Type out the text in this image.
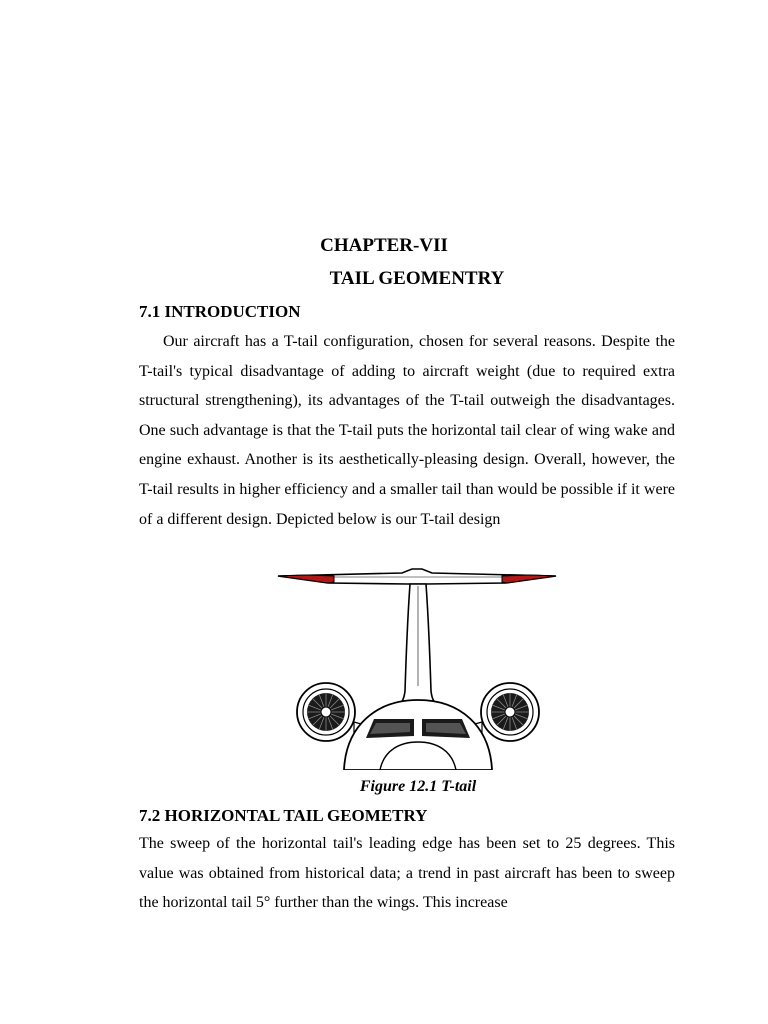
CHAPTER-VII
TAIL GEOMENTRY
7.1 INTRODUCTION
Our aircraft has a T-tail configuration, chosen for several reasons. Despite the T-tail's typical disadvantage of adding to aircraft weight (due to required extra structural strengthening), its advantages of the T-tail outweigh the disadvantages. One such advantage is that the T-tail puts the horizontal tail clear of wing wake and engine exhaust. Another is its aesthetically-pleasing design. Overall, however, the T-tail results in higher efficiency and a smaller tail than would be possible if it were of a different design. Depicted below is our T-tail design
Figure 12.1 T-tail
7.2 HORIZONTAL TAIL GEOMETRY
The sweep of the horizontal tail's leading edge has been set to 25 degrees. This value was obtained from historical data; a trend in past aircraft has been to sweep the horizontal tail 5° further than the wings. This increase
